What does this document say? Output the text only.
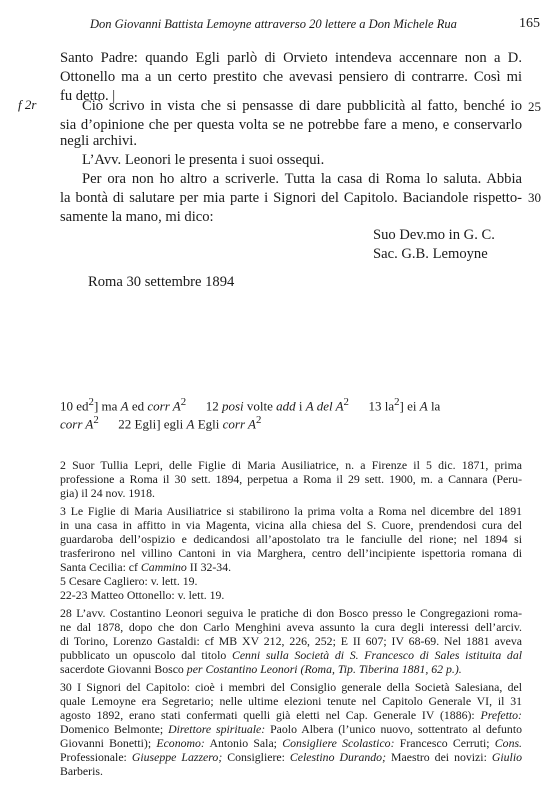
Don Giovanni Battista Lemoyne attraverso 20 lettere a Don Michele Rua	165
Santo Padre: quando Egli parlò di Orvieto intendeva accennare non a D.
Ottonello ma a un certo prestito che avevasi pensiero di contrarre. Così mi
fu detto. |
Ciò scrivo in vista che si pensasse di dare pubblicità al fatto, benché io
sia d’opinione che per questa volta se ne potrebbe fare a meno, e conservarlo
negli archivi.
L’Avv. Leonori le presenta i suoi ossequi.
Per ora non ho altro a scriverle. Tutta la casa di Roma lo saluta. Abbia
la bontà di salutare per mia parte i Signori del Capitolo. Baciandole rispetto-
samente la mano, mi dico:
f 2r	25
30
Suo Dev.mo in G. C.
Sac. G.B. Lemoyne
Roma 30 settembre 1894
10 $ed^2$] ma A ed corr $A^2$      12 posi volte add i A del $A^2$      13 $la^2$] ei A la
corr $A^2$      22 Egli] egli A Egli corr $A^2$
2 Suor Tullia Lepri, delle Figlie di Maria Ausiliatrice, n. a Firenze il 5 dic. 1871, prima
professione a Roma il 30 sett. 1894, perpetua a Roma il 29 sett. 1900, m. a Cannara (Peru-
gia) il 24 nov. 1918.
3 Le Figlie di Maria Ausiliatrice si stabilirono la prima volta a Roma nel dicembre del 1891
in una casa in affitto in via Magenta, vicina alla chiesa del S. Cuore, prendendosi cura del
guardaroba dell’ospizio e dedicandosi all’apostolato tra le fanciulle del rione; nel 1894 si
trasferirono nel villino Cantoni in via Marghera, centro dell’incipiente ispettoria romana di
Santa Cecilia: cf Cammino II 32-34.
5 Cesare Cagliero: v. lett. 19.
22-23 Matteo Ottonello: v. lett. 19.
28 L’avv. Costantino Leonori seguiva le pratiche di don Bosco presso le Congregazioni roma-
ne dal 1878, dopo che don Carlo Menghini aveva assunto la cura degli interessi dell’arciv.
di Torino, Lorenzo Gastaldi: cf MB XV 212, 226, 252; E II 607; IV 68-69. Nel 1881 aveva
pubblicato un opuscolo dal titolo Cenni sulla Società di S. Francesco di Sales istituita dal
sacerdote Giovanni Bosco per Costantino Leonori (Roma, Tip. Tiberina 1881, 62 p.).
30 I Signori del Capitolo: cioè i membri del Consiglio generale della Società Salesiana, del
quale Lemoyne era Segretario; nelle ultime elezioni tenute nel Capitolo Generale VI, il 31
agosto 1892, erano stati confermati quelli già eletti nel Cap. Generale IV (1886): Prefetto:
Domenico Belmonte; Direttore spirituale: Paolo Albera (l’unico nuovo, sottentrato al defunto
Giovanni Bonetti); Economo: Antonio Sala; Consigliere Scolastico: Francesco Cerruti; Cons.
Professionale: Giuseppe Lazzero; Consigliere: Celestino Durando; Maestro dei novizi: Giulio
Barberis.
